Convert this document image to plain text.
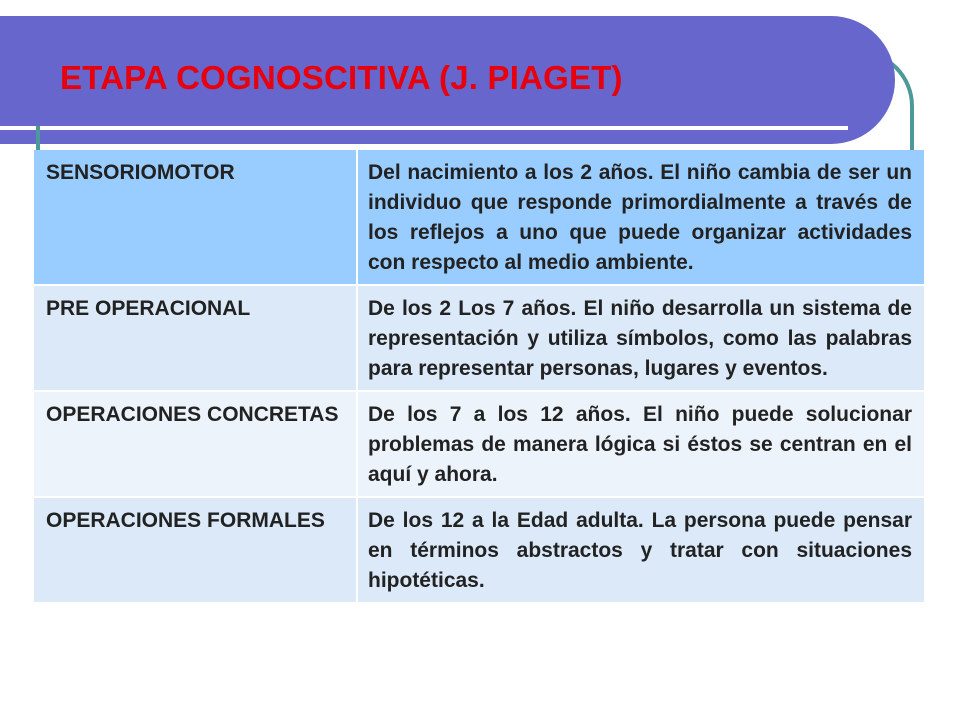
ETAPA COGNOSCITIVA (J. PIAGET)
SENSORIOMOTOR	Del nacimiento a los 2 años. El niño cambia de ser un individuo que responde primordialmente a través de los reflejos a uno que puede organizar actividades con respecto al medio ambiente.
PRE OPERACIONAL	De los 2 Los 7 años. El niño desarrolla un sistema de representación y utiliza símbolos, como las palabras para representar personas, lugares y eventos.
OPERACIONES CONCRETAS	De los 7 a los 12 años. El niño puede solucionar problemas de manera lógica si éstos se centran en el aquí y ahora.
OPERACIONES FORMALES	De los 12 a la Edad adulta. La persona puede pensar en términos abstractos y tratar con situaciones hipotéticas.
